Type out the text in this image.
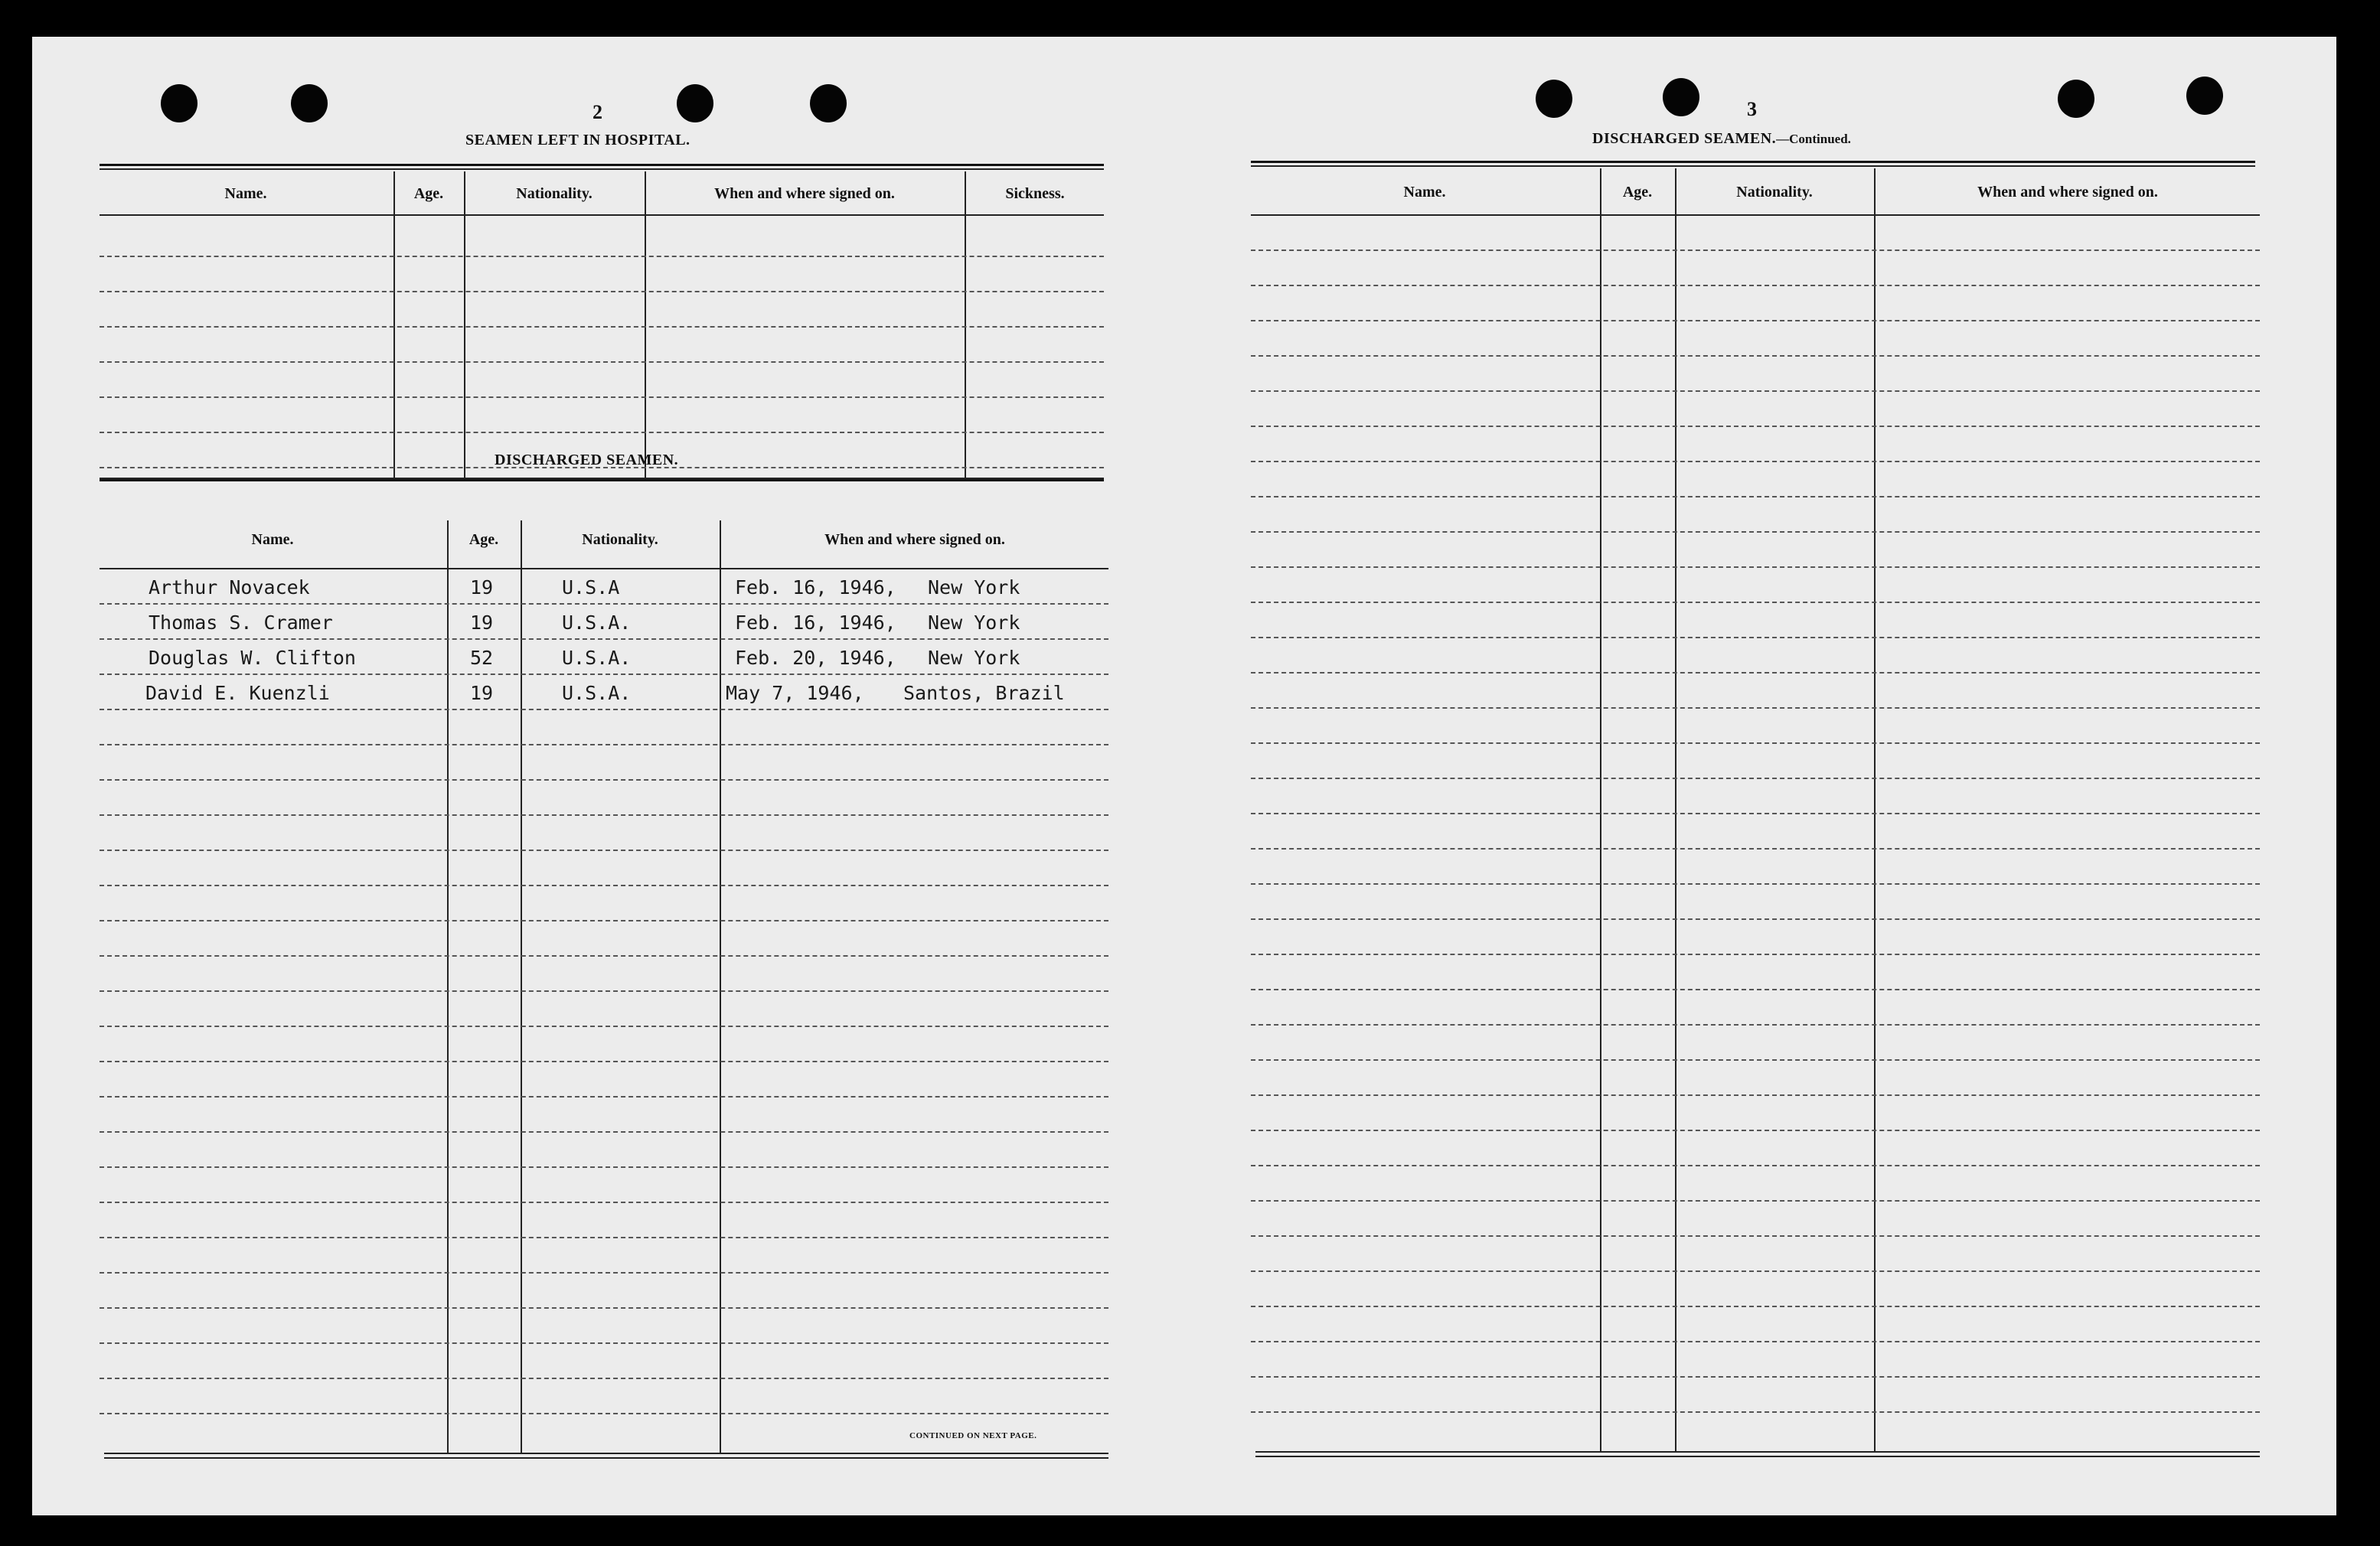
2
SEAMEN LEFT IN HOSPITAL.
Name.	Age.	Nationality.	When and where signed on.	Sickness.
DISCHARGED SEAMEN.
Name.	Age.	Nationality.	When and where signed on.
Arthur Novacek	19	U.S.A	Feb. 16, 1946, New York
Thomas S. Cramer	19	U.S.A.	Feb. 16, 1946, New York
Douglas W. Clifton	52	U.S.A.	Feb. 20, 1946, New York
David E. Kuenzli	19	U.S.A.	May 7, 1946, Santos, Brazil
CONTINUED ON NEXT PAGE.
3
DISCHARGED SEAMEN.—Continued.
Name.	Age.	Nationality.	When and where signed on.
